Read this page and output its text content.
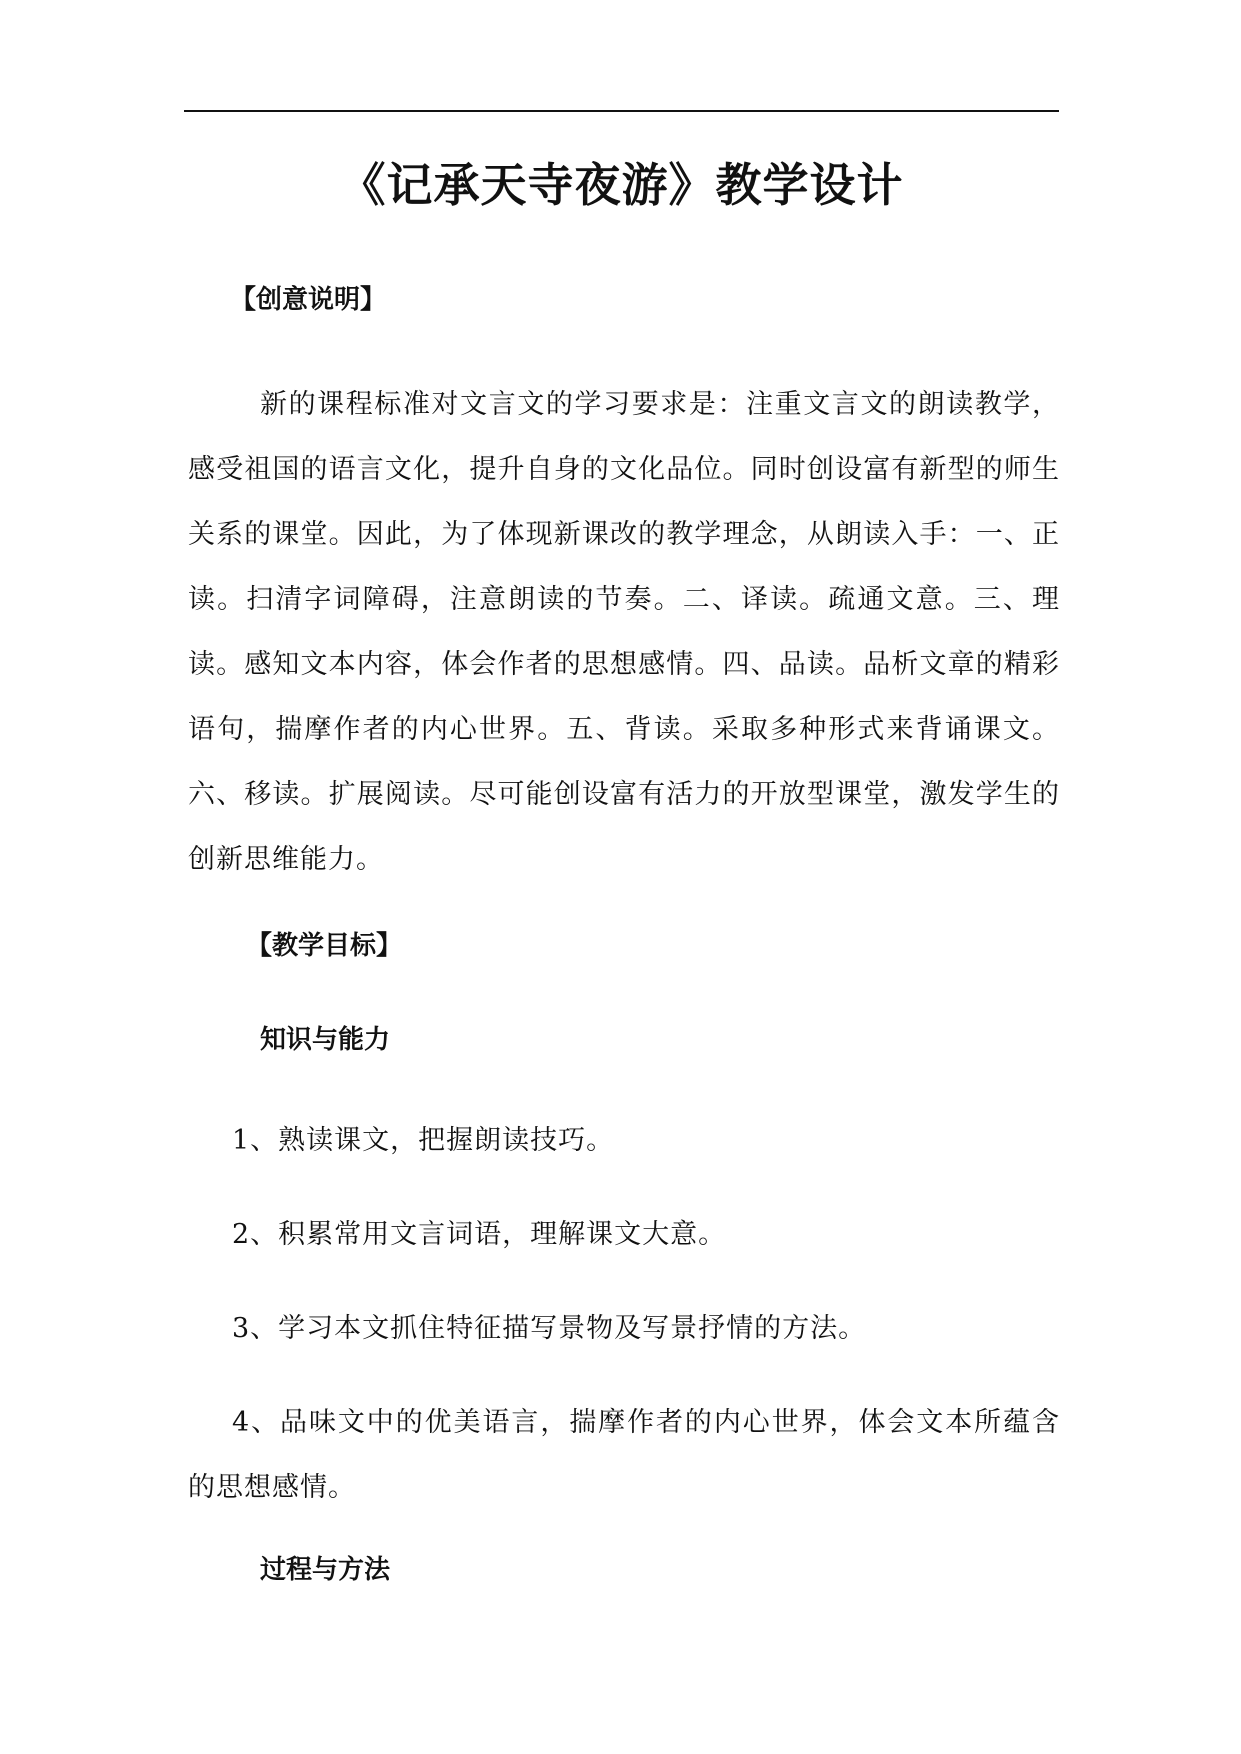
《记承天寺夜游》教学设计
【创意说明】
新的课程标准对文言文的学习要求是：注重文言文的朗读教学，感受祖国的语言文化，提升自身的文化品位。同时创设富有新型的师生关系的课堂。因此，为了体现新课改的教学理念，从朗读入手：一、正读。扫清字词障碍，注意朗读的节奏。二、译读。疏通文意。三、理读。感知文本内容，体会作者的思想感情。四、品读。品析文章的精彩语句，揣摩作者的内心世界。五、背读。采取多种形式来背诵课文。六、移读。扩展阅读。尽可能创设富有活力的开放型课堂，激发学生的创新思维能力。
【教学目标】
知识与能力
1、熟读课文，把握朗读技巧。
2、积累常用文言词语，理解课文大意。
3、学习本文抓住特征描写景物及写景抒情的方法。
4、品味文中的优美语言，揣摩作者的内心世界，体会文本所蕴含的思想感情。
过程与方法
